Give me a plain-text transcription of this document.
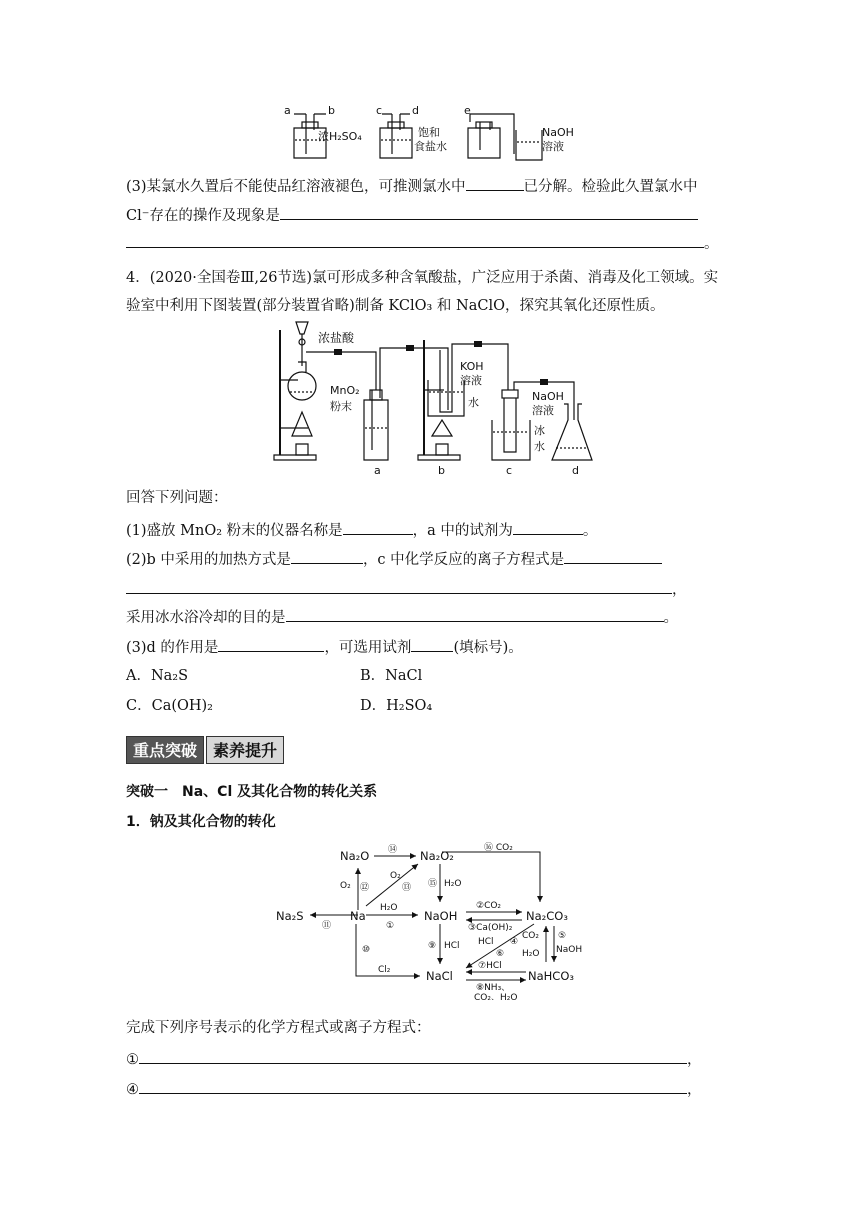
a	b	c	d	e
浓H₂SO₄	饱和
食盐水
NaOH
溶液
(3)某氯水久置后不能使品红溶液褪色，可推测氯水中	已分解。检验此久置氯水中
Cl⁻存在的操作及现象是
。
4．(2020·全国卷Ⅲ,26节选)氯可形成多种含氧酸盐，广泛应用于杀菌、消毒及化工领域。实
验室中利用下图装置(部分装置省略)制备 KClO₃ 和 NaClO，探究其氧化还原性质。
浓盐酸
MnO₂
粉末
KOH
溶液
水	NaOH
溶液
冰
水
a	b	c	d
回答下列问题：
(1)盛放 MnO₂ 粉末的仪器名称是	，a 中的试剂为	。
(2)b 中采用的加热方式是	，c 中化学反应的离子方程式是
，
采用冰水浴冷却的目的是	。
(3)d 的作用是	，可选用试剂	(填标号)。
A．Na₂S	B．NaCl
C．Ca(OH)₂	D．H₂SO₄
重点突破	素养提升
突破一　Na、Cl 及其化合物的转化关系
1．钠及其化合物的转化
Na₂O	Na₂O₂
Na	NaOH	Na₂CO₃
Na₂S
NaCl	NaHCO₃
⑭	⑯ CO₂
O₂ ⑫
O₂
⑬ ⑮ H₂O
⑪
H₂O
①
②CO₂
③Ca(OH)₂
⑩	⑨ HCl HCl
⑥
④
CO₂
H₂O
⑤
NaOH
Cl₂	⑦HCl
⑧NH₃、
CO₂、H₂O
完成下列序号表示的化学方程式或离子方程式：
①	，
④	，
